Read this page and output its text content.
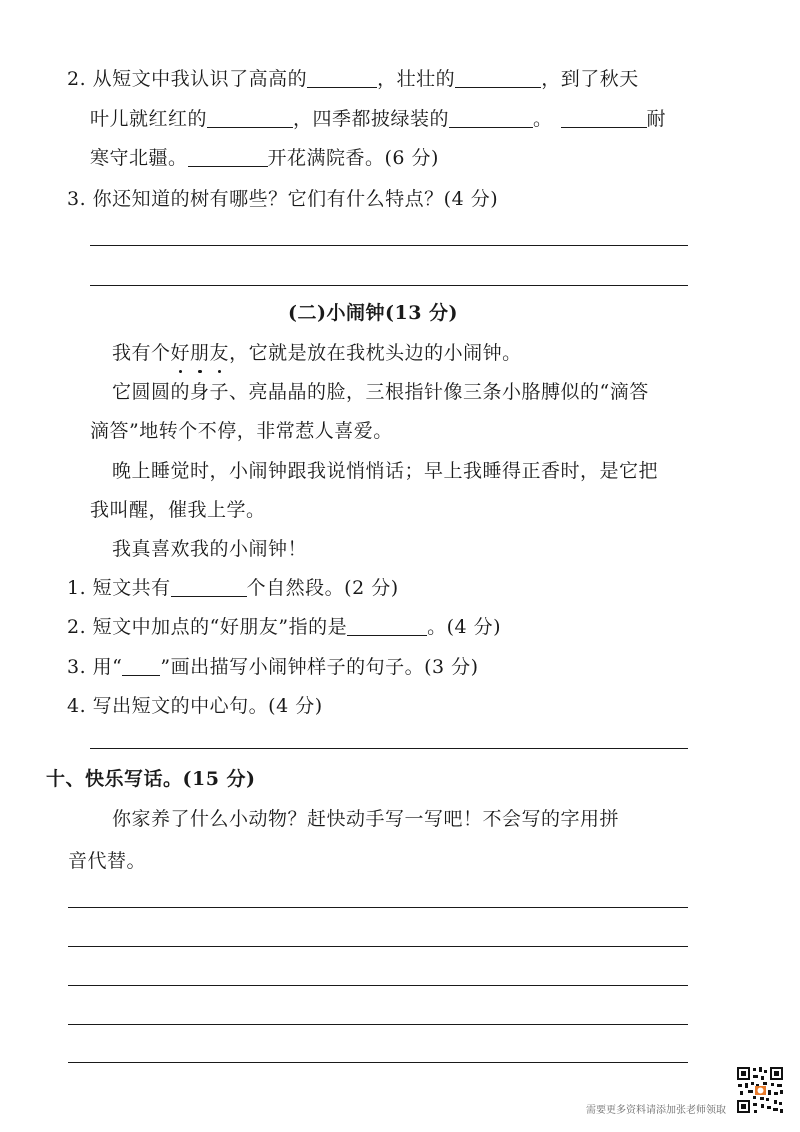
2. 从短文中我认识了高高的	，壮壮的	，到了秋天
叶儿就红红的	，四季都披绿装的	。	耐
寒守北疆。	开花满院香。(6 分)
3. 你还知道的树有哪些？它们有什么特点？(4 分)
(二)小闹钟(13 分)
我有个好朋友，它就是放在我枕头边的小闹钟。
它圆圆的身子、亮晶晶的脸，三根指针像三条小胳膊似的“滴答
滴答”地转个不停，非常惹人喜爱。
晚上睡觉时，小闹钟跟我说悄悄话；早上我睡得正香时，是它把
我叫醒，催我上学。
我真喜欢我的小闹钟！
1. 短文共有	个自然段。(2 分)
2. 短文中加点的“好朋友”指的是	。(4 分)
3. 用“ ”画出描写小闹钟样子的句子。(3 分)
4. 写出短文的中心句。(4 分)
十、快乐写话。(15 分)
你家养了什么小动物？赶快动手写一写吧！不会写的字用拼
音代替。
需要更多资料请添加张老师领取
